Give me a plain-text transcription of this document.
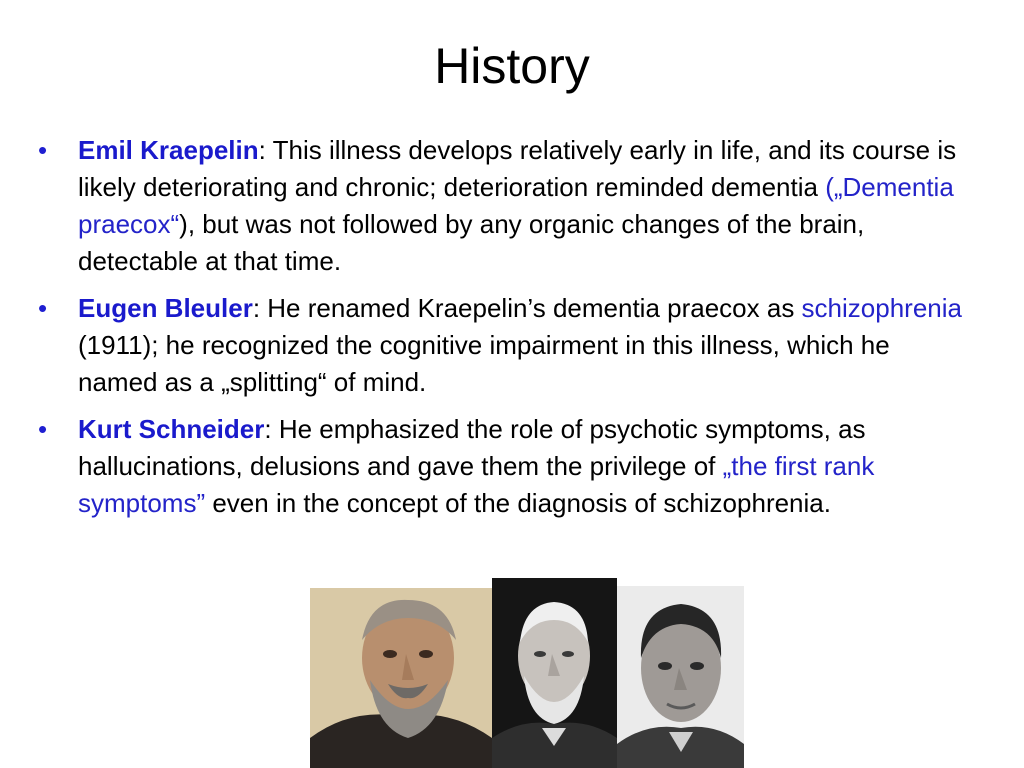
History
• Emil Kraepelin: This illness develops relatively early in life, and its course is likely deteriorating and chronic; deterioration reminded dementia („Dementia praecox“), but was not followed by any organic changes of the brain, detectable at that time.
• Eugen Bleuler: He renamed Kraepelin’s dementia praecox as schizophrenia (1911); he recognized the cognitive impairment in this illness, which he named as a „splitting“ of mind.
• Kurt Schneider: He emphasized the role of psychotic symptoms, as hallucinations, delusions and gave them the privilege of „the first rank symptoms” even in the concept of the diagnosis of schizophrenia.
